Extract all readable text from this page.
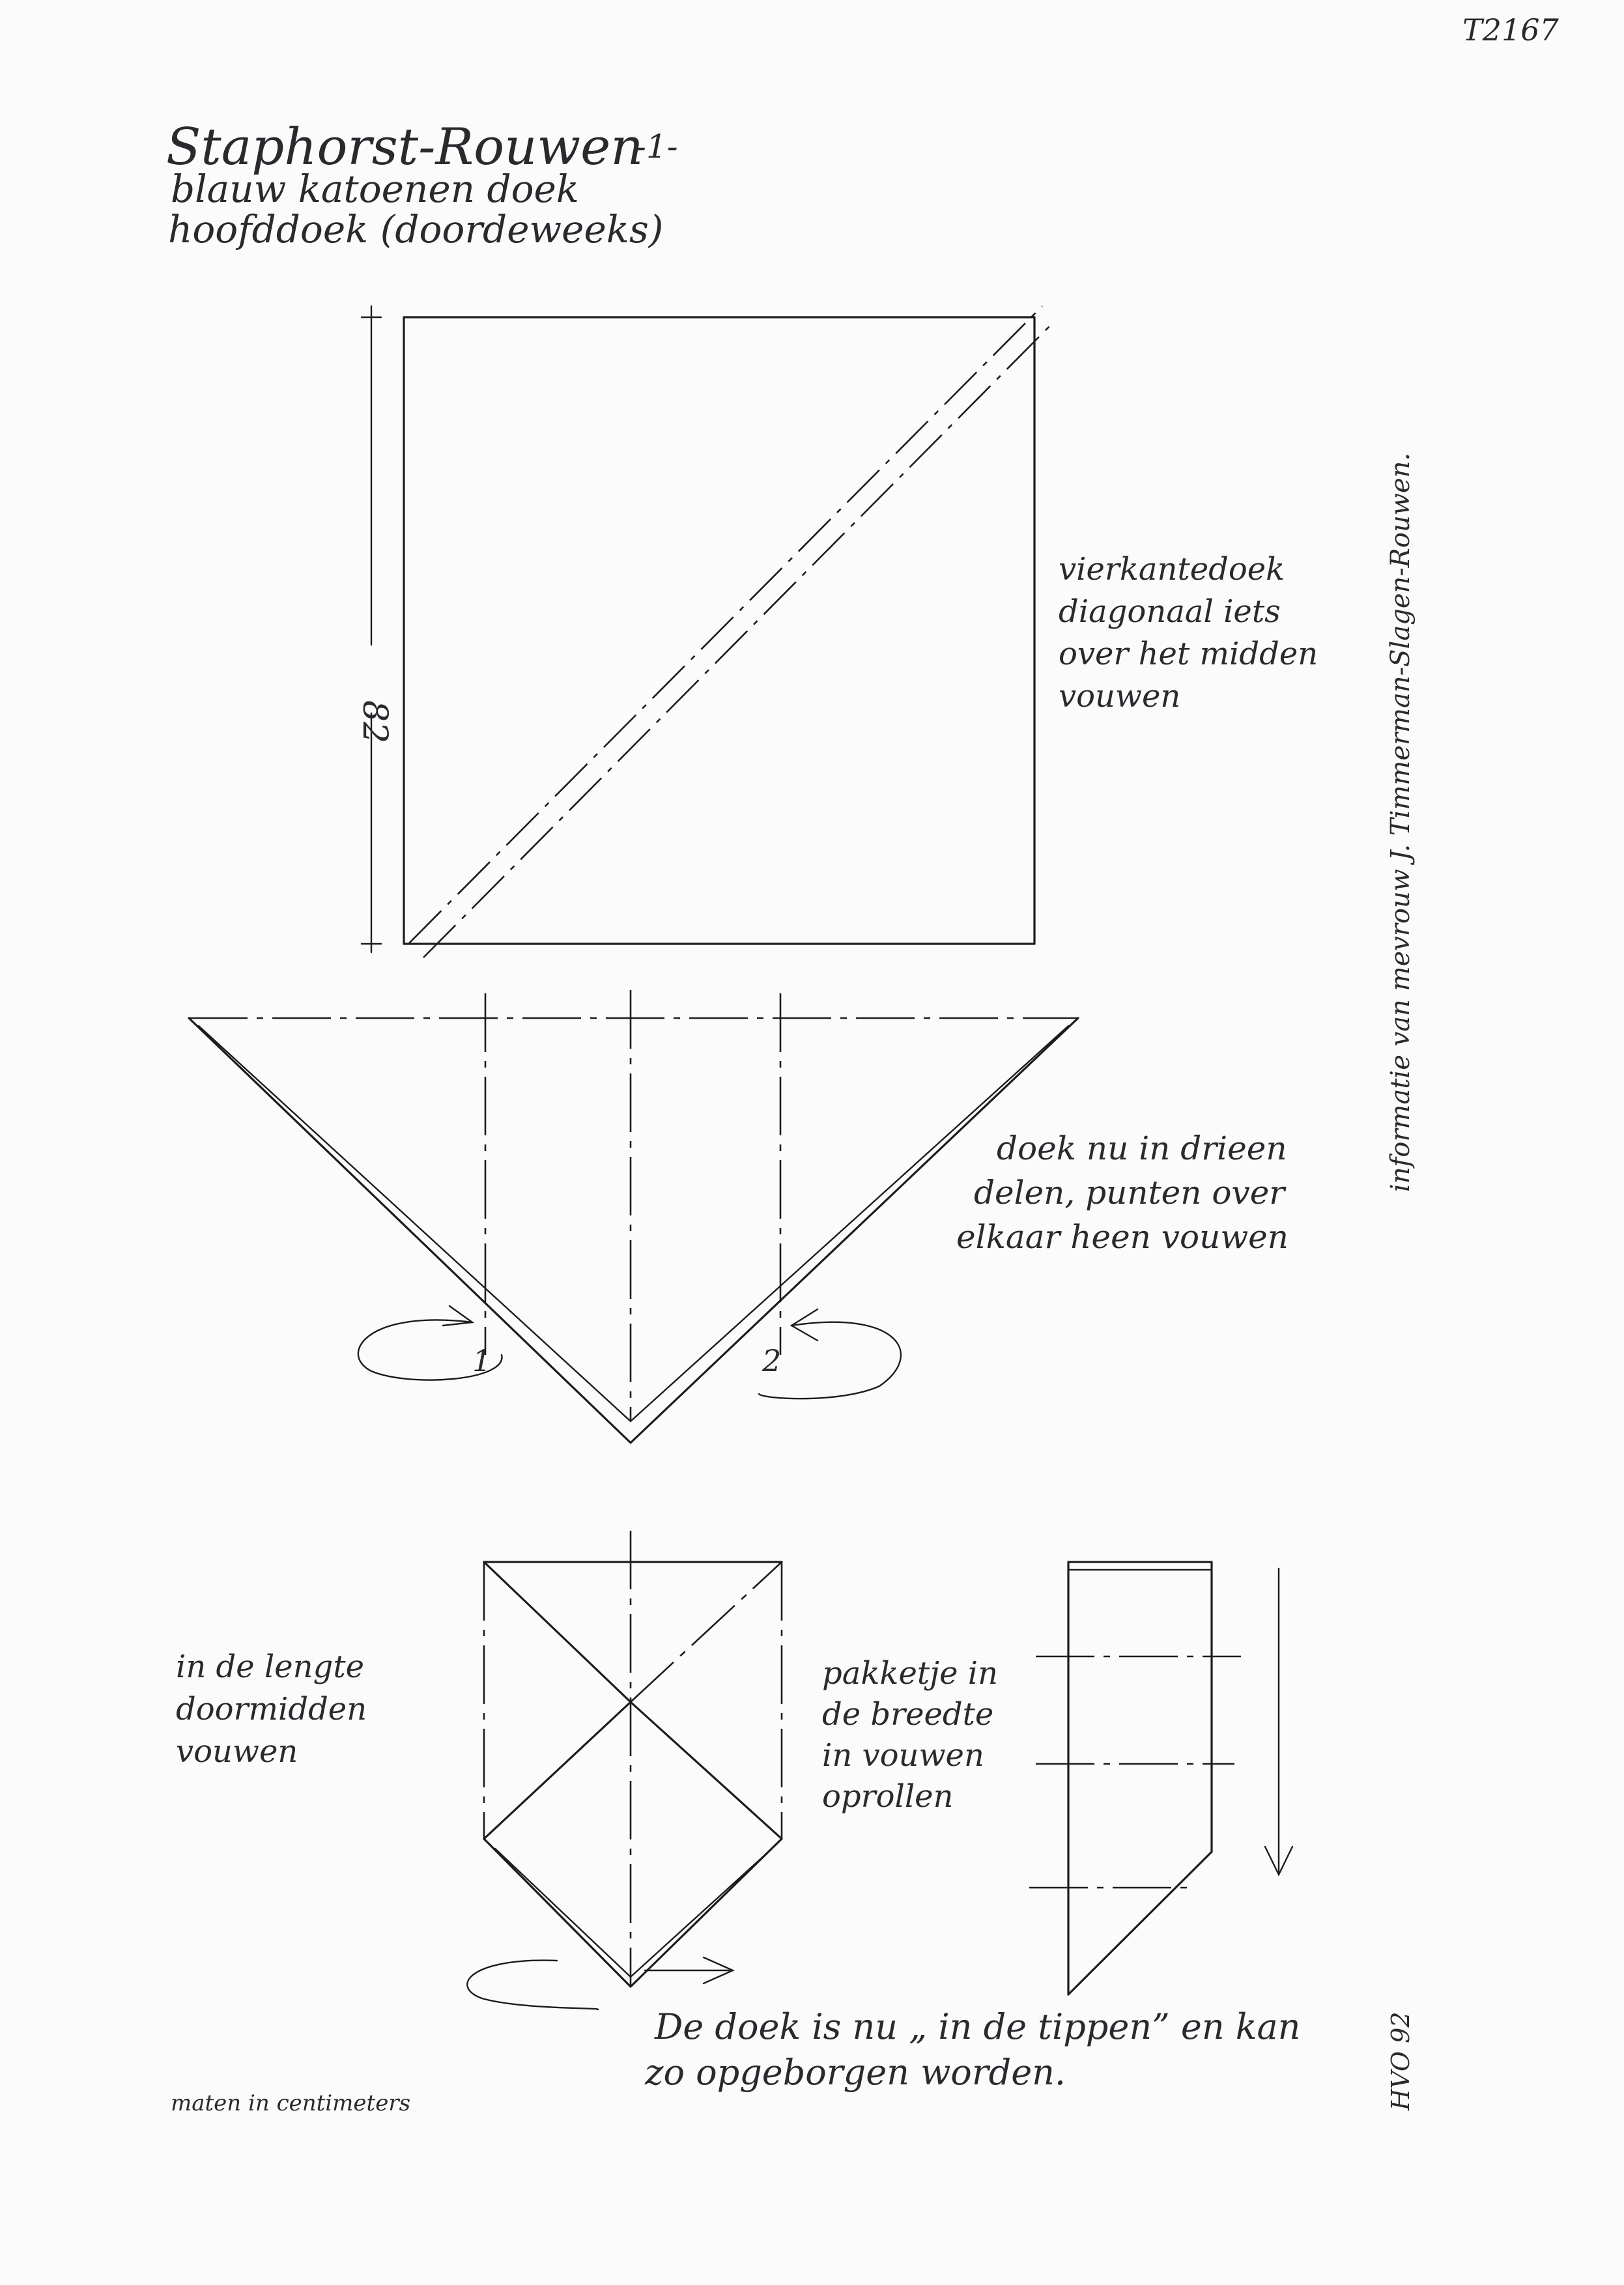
T2167
Staphorst-Rouwen
-1-
blauw katoenen doek
hoofddoek (doordeweeks)
82
vierkantedoek
diagonaal iets
over het midden
vouwen
1	2
doek nu in drieen
delen, punten over
elkaar heen vouwen
in de lengte
doormidden
vouwen
pakketje in
de breedte
in vouwen
oprollen
De doek is nu „ in de tippen” en kan
zo opgeborgen worden.
informatie van mevrouw J. Timmerman-Slagen-Rouwen.
HVO 92
maten in centimeters
